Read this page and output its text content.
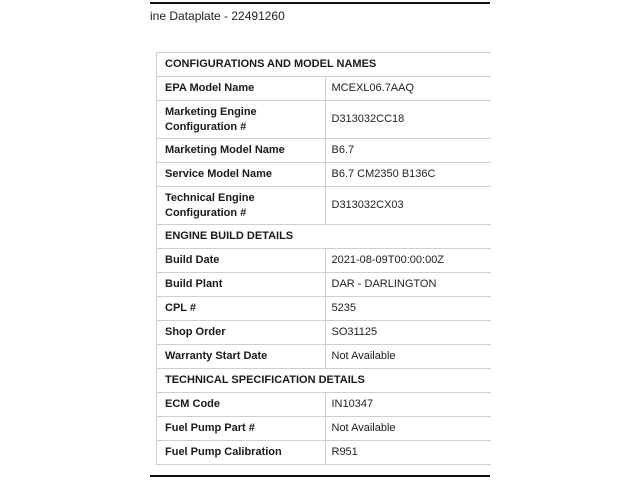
ine Dataplate - 22491260
CONFIGURATIONS AND MODEL NAMES	
EPA Model Name	MCEXL06.7AAQ
Marketing Engine Configuration #	D313032CC18
Marketing Model Name	B6.7
Service Model Name	B6.7 CM2350 B136C
Technical Engine Configuration #	D313032CX03
ENGINE BUILD DETAILS	
Build Date	2021-08-09T00:00:00Z
Build Plant	DAR - DARLINGTON
CPL #	5235
Shop Order	SO31125
Warranty Start Date	Not Available
TECHNICAL SPECIFICATION DETAILS	
ECM Code	IN10347
Fuel Pump Part #	Not Available
Fuel Pump Calibration	R951
